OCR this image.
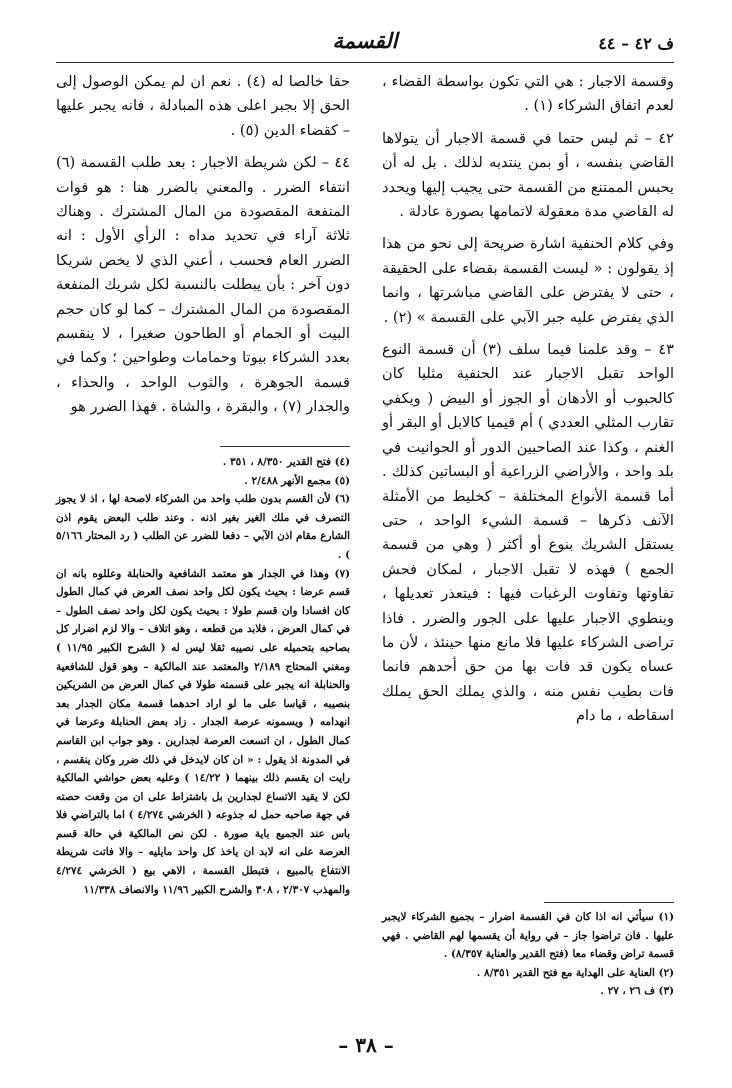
ف ٤٢ – ٤٤
القسمة

وقسمة الاجبار : هي التي تكون بواسطة القضاء ، لعدم اتفاق الشركاء (١) .

٤٢ – ثم ليس حتما في قسمة الاجبار أن يتولاها القاضي بنفسه ، أو بمن ينتدبه لذلك . بل له أن يحبس الممتنع من القسمة حتى يجيب إليها ويحدد له القاضي مدة معقولة لاتمامها بصورة عادلة .

وفي كلام الحنفية اشارة صريحة إلى نحو من هذا إذ يقولون : « ليست القسمة بقضاء على الحقيقة ، حتى لا يفترض على القاضي مباشرتها ، وانما الذي يفترض عليه جبر الآبي على القسمة » (٢) .

٤٣ – وقد علمنا فيما سلف (٣) أن قسمة النوع الواحد تقبل الاجبار عند الحنفية مثليا كان كالحبوب أو الأدهان أو الجوز أو البيض ( ويكفي تقارب المثلي العددي ) أم قيميا كالابل أو البقر أو الغنم ، وكذا عند الصاحبين الدور أو الحوانيت في بلد واحد ، والأراضي الزراعية أو البساتين كذلك . أما قسمة الأنواع المختلفة – كخليط من الأمثلة الآنف ذكرها – قسمة الشيء الواحد ، حتى يستقل الشريك بنوع أو أكثر ( وهي من قسمة الجمع ) فهذه لا تقبل الاجبار ، لمكان فحش تفاوتها وتفاوت الرغبات فيها : فيتعذر تعديلها ، وينطوي الاجبار عليها على الجور والضرر . فاذا تراضى الشركاء عليها فلا مانع منها حينئذ ، لأن ما عساه يكون قد فات بها من حق أحدهم فانما فات بطيب نفس منه ، والذي يملك الحق يملك اسقاطه ، ما دام

حقا خالصا له (٤) . نعم ان لم يمكن الوصول إلى الحق إلا بجبر اعلى هذه المبادلة ، فانه يجبر عليها – كقضاء الدين (٥) .

٤٤ – لكن شريطة الاجبار : بعد طلب القسمة (٦) انتفاء الضرر . والمعني بالضرر هنا : هو فوات المنفعة المقصودة من المال المشترك . وهناك ثلاثة آراء في تحديد مداه : الرأي الأول : انه الضرر العام فحسب ، أعني الذي لا يخص شريكا دون آخر : بأن يبطلت بالنسبة لكل شريك المنفعة المقصودة من المال المشترك – كما لو كان حجم البيت أو الحمام أو الطاحون صغيرا ، لا ينقسم بعدد الشركاء بيوتا وحمامات وطواحين ؛ وكما في قسمة الجوهرة ، والثوب الواحد ، والحذاء ، والجدار (٧) ، والبقرة ، والشاة . فهذا الضرر هو

(٤) فتح القدير ٨/٣٥٠ ، ٣٥١ .
(٥) مجمع الأنهر ٢/٤٨٨ .
(٦) لأن القسم بدون طلب واحد من الشركاء لاصحة لها ، اذ لا يجوز التصرف في ملك الغير بغير اذنه . وعند طلب البعض يقوم اذن الشارع مقام اذن الآبي – دفعا للضرر عن الطلب ( رد المحتار ٥/١٦٦ ) .
(٧) وهذا في الجدار هو معتمد الشافعية والحنابلة وعللوه بانه ان قسم عرضا : بحيث يكون لكل واحد نصف العرض في كمال الطول كان افسادا وان قسم طولا : بحيث يكون لكل واحد نصف الطول – في كمال العرض ، فلابد من قطعه ، وهو اتلاف – والا لزم اضرار كل بصاحبه بتحميله على نصيبه ثقلا ليس له ( الشرح الكبير ١١/٩٥ ) ومغني المحتاج ٢/١٨٩ والمعتمد عند المالكية – وهو قول للشافعية والحنابلة انه يجبر على قسمته طولا في كمال العرض من الشريكين بنصيبه ، قياسا على ما لو اراد احدهما قسمة مكان الجدار بعد انهدامه ( ويسمونه عرصة الجدار . زاد بعض الحنابلة وعرضا في كمال الطول ، ان اتسعت العرصة لجدارين . وهو جواب ابن القاسم في المدونة اذ يقول : « ان كان لايدخل في ذلك ضرر وكان ينقسم ، رايت ان يقسم ذلك بينهما ( ١٤/٢٢ ) وعليه بعض حواشي المالكية لكن لا يقيد الاتساع لجدارين بل باشتراط على ان من وقعت حصته في جهة صاحبه حمل له جذوعه ( الخرشي ٤/٢٧٤ ) اما بالتراضي فلا باس عند الجميع باية صورة . لكن نص المالكية في حالة قسم العرصة على انه لابد ان ياخذ كل واحد مايليه – والا فاتت شريطة الانتفاع بالمبيع ، فتبطل القسمة ، الاهي بيع ( الخرشي ٤/٢٧٤ والمهذب ٢/٣٠٧ ، ٣٠٨ والشرح الكبير ١١/٩٦ والانصاف ١١/٣٣٨
(١) سيأتي انه اذا كان في القسمة اضرار – بجميع الشركاء لايجبر عليها . فان تراضوا جاز – في رواية أن يقسمها لهم القاضي . فهي قسمة تراض وقضاء معا (فتح القدير والعناية ٨/٣٥٧) .
(٢) العناية على الهداية مع فتح القدير ٨/٣٥١ .
(٣) ف ٢٦ ، ٢٧ .
– ٣٨ –
